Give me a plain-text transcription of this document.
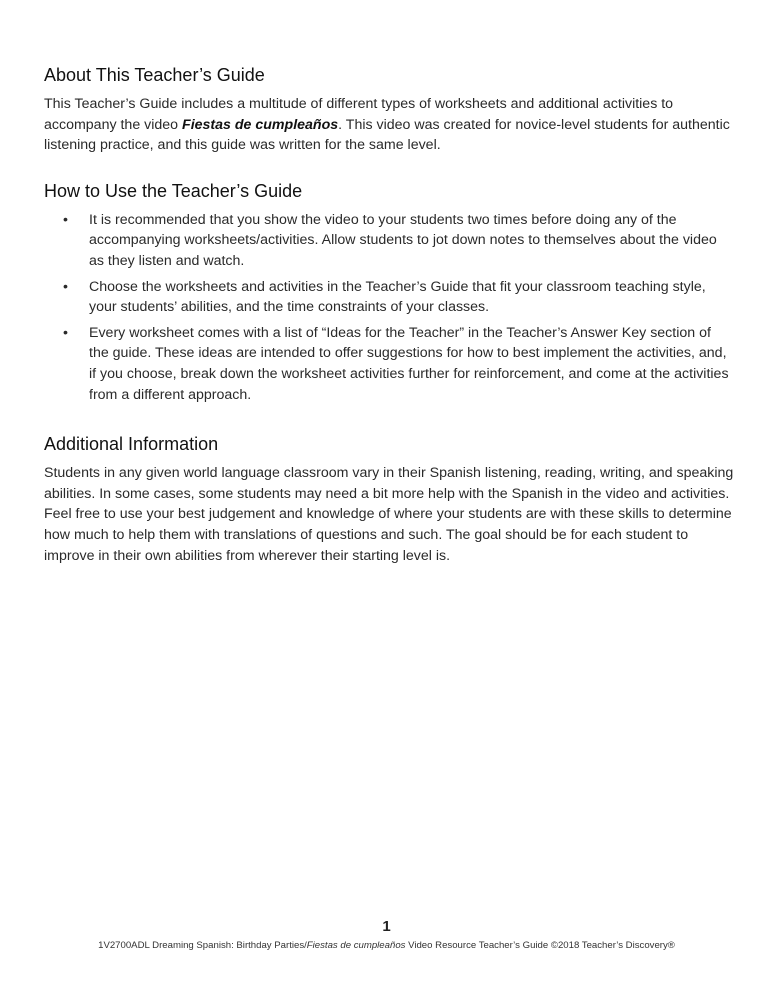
About This Teacher’s Guide

This Teacher’s Guide includes a multitude of different types of worksheets and additional activities to accompany the video Fiestas de cumpleaños. This video was created for novice-level students for authentic listening practice, and this guide was written for the same level.

How to Use the Teacher’s Guide
• It is recommended that you show the video to your students two times before doing any of the accompanying worksheets/activities. Allow students to jot down notes to themselves about the video as they listen and watch.
• Choose the worksheets and activities in the Teacher’s Guide that fit your classroom teaching style, your students’ abilities, and the time constraints of your classes.
• Every worksheet comes with a list of “Ideas for the Teacher” in the Teacher’s Answer Key section of the guide. These ideas are intended to offer suggestions for how to best implement the activities, and, if you choose, break down the worksheet activities further for reinforcement, and come at the activities from a different approach.
Additional Information

Students in any given world language classroom vary in their Spanish listening, reading, writing, and speaking abilities. In some cases, some students may need a bit more help with the Spanish in the video and activities. Feel free to use your best judgement and knowledge of where your students are with these skills to determine how much to help them with translations of questions and such. The goal should be for each student to improve in their own abilities from wherever their starting level is.

1
1V2700ADL Dreaming Spanish: Birthday Parties/Fiestas de cumpleaños Video Resource Teacher’s Guide ©2018 Teacher’s Discovery®
